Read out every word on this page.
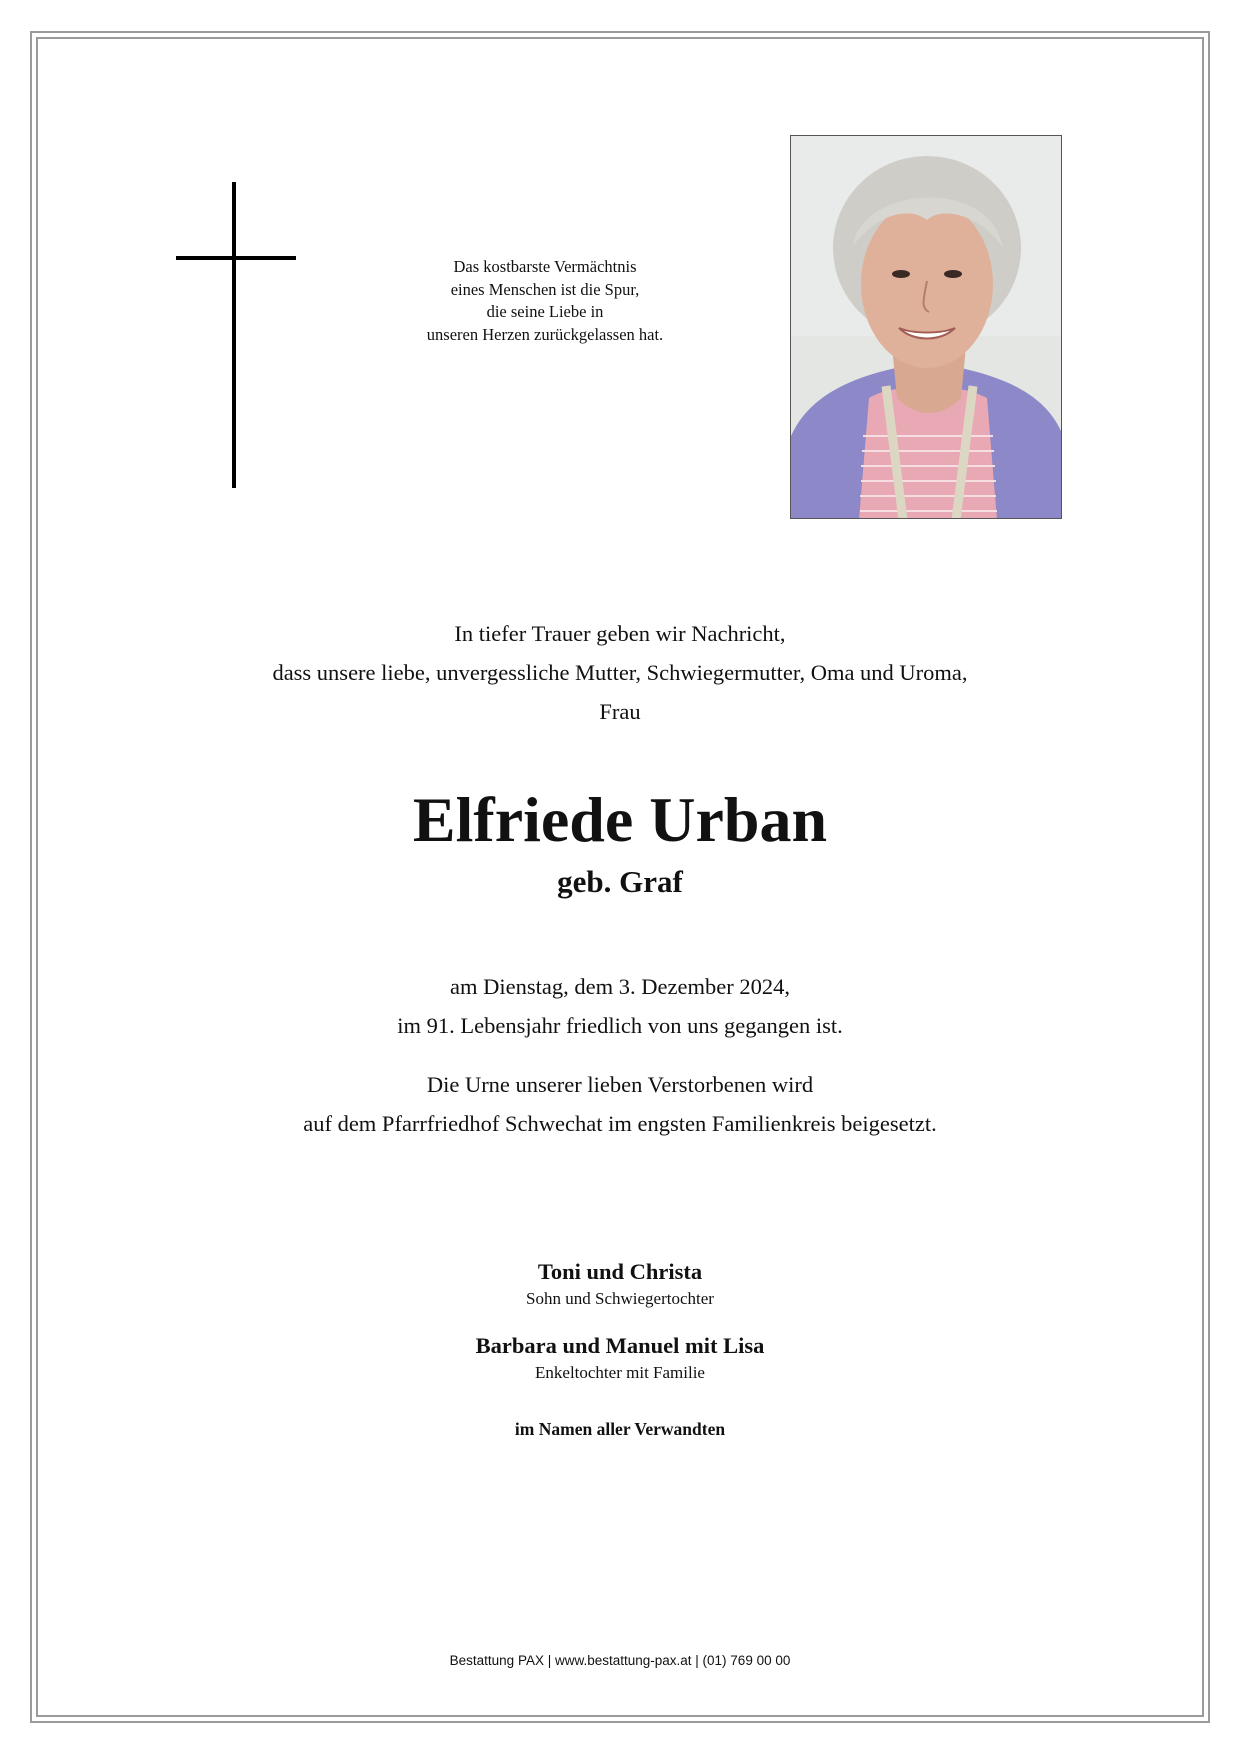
Das kostbarste Vermächtnis
eines Menschen ist die Spur,
die seine Liebe in
unseren Herzen zurückgelassen hat.
In tiefer Trauer geben wir Nachricht,
dass unsere liebe, unvergessliche Mutter, Schwiegermutter, Oma und Uroma,
Frau
Elfriede Urban
geb. Graf
am Dienstag, dem 3. Dezember 2024,
im 91. Lebensjahr friedlich von uns gegangen ist.
Die Urne unserer lieben Verstorbenen wird
auf dem Pfarrfriedhof Schwechat im engsten Familienkreis beigesetzt.
Toni und Christa
Sohn und Schwiegertochter
Barbara und Manuel mit Lisa
Enkeltochter mit Familie
im Namen aller Verwandten
Bestattung PAX | www.bestattung-pax.at | (01) 769 00 00
